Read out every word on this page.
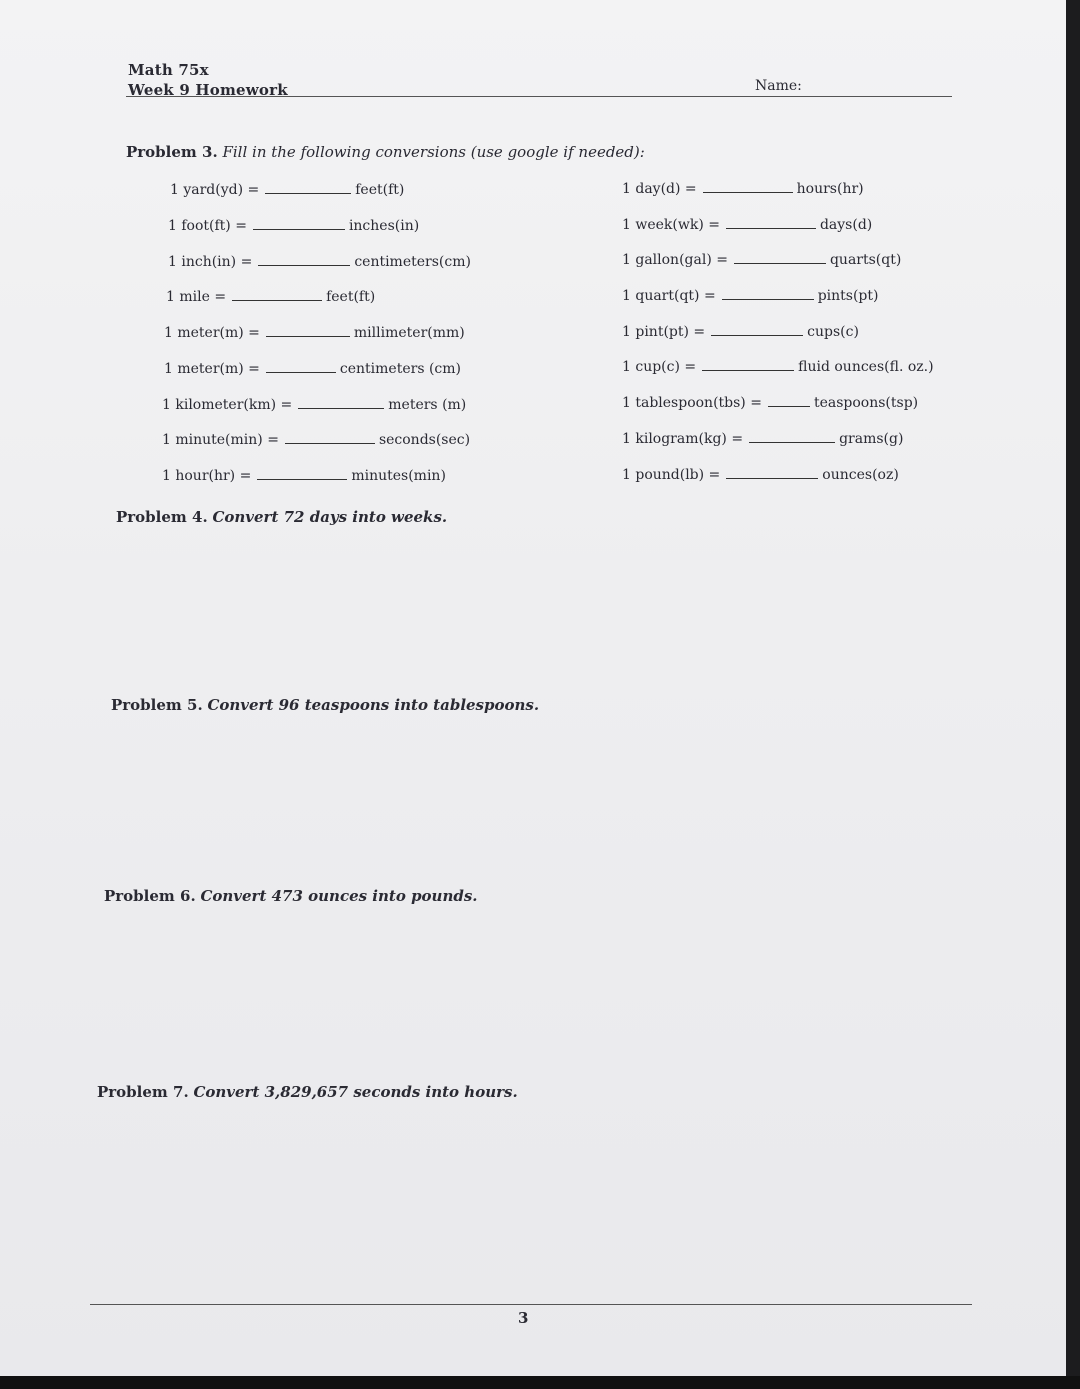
Math 75x
Week 9 Homework	Name:
Problem 3. Fill in the following conversions (use google if needed):
1 yard(yd) =	feet(ft)
1 foot(ft) =	inches(in)
1 inch(in) =	centimeters(cm)
1 mile =	feet(ft)
1 meter(m) =	millimeter(mm)
1 meter(m) =	centimeters (cm)
1 kilometer(km) =	meters (m)
1 minute(min) =	seconds(sec)
1 hour(hr) =	minutes(min)
1 day(d) =	hours(hr)
1 week(wk) =	days(d)
1 gallon(gal) =	quarts(qt)
1 quart(qt) =	pints(pt)
1 pint(pt) =	cups(c)
1 cup(c) =	fluid ounces(fl. oz.)
1 tablespoon(tbs) =	teaspoons(tsp)
1 kilogram(kg) =	grams(g)
1 pound(lb) =	ounces(oz)
Problem 4. Convert 72 days into weeks.
Problem 5. Convert 96 teaspoons into tablespoons.
Problem 6. Convert 473 ounces into pounds.
Problem 7. Convert 3,829,657 seconds into hours.
3
